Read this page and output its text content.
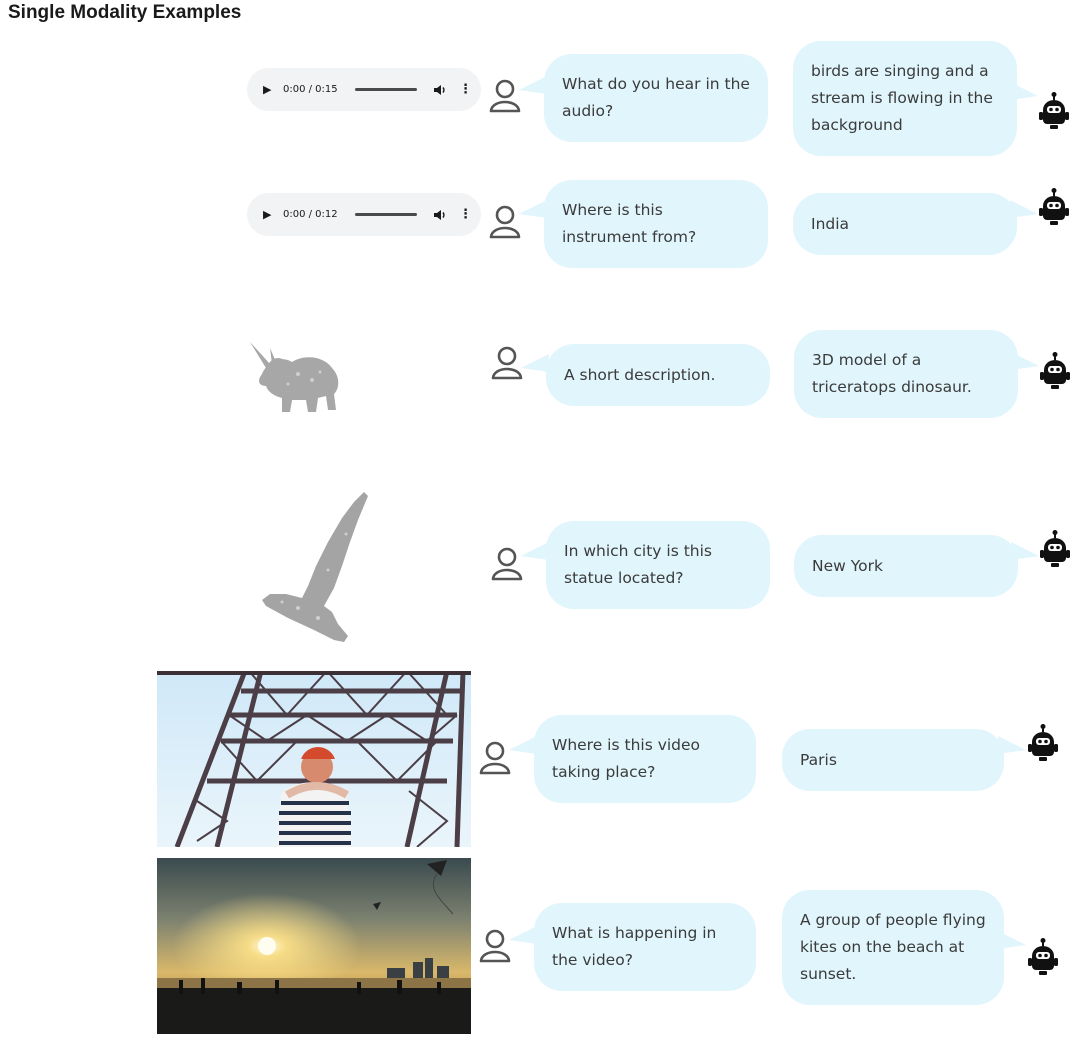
Single Modality Examples
▶	0:00 / 0:15	⋮	What do you hear in the audio?
birds are singing and a stream is flowing in the background
▶	0:00 / 0:12	⋮	Where is this instrument from?
India
A short description.
3D model of a triceratops dinosaur.
In which city is this statue located?
New York
Where is this video taking place?
Paris
What is happening in the video?
A group of people flying kites on the beach at sunset.
